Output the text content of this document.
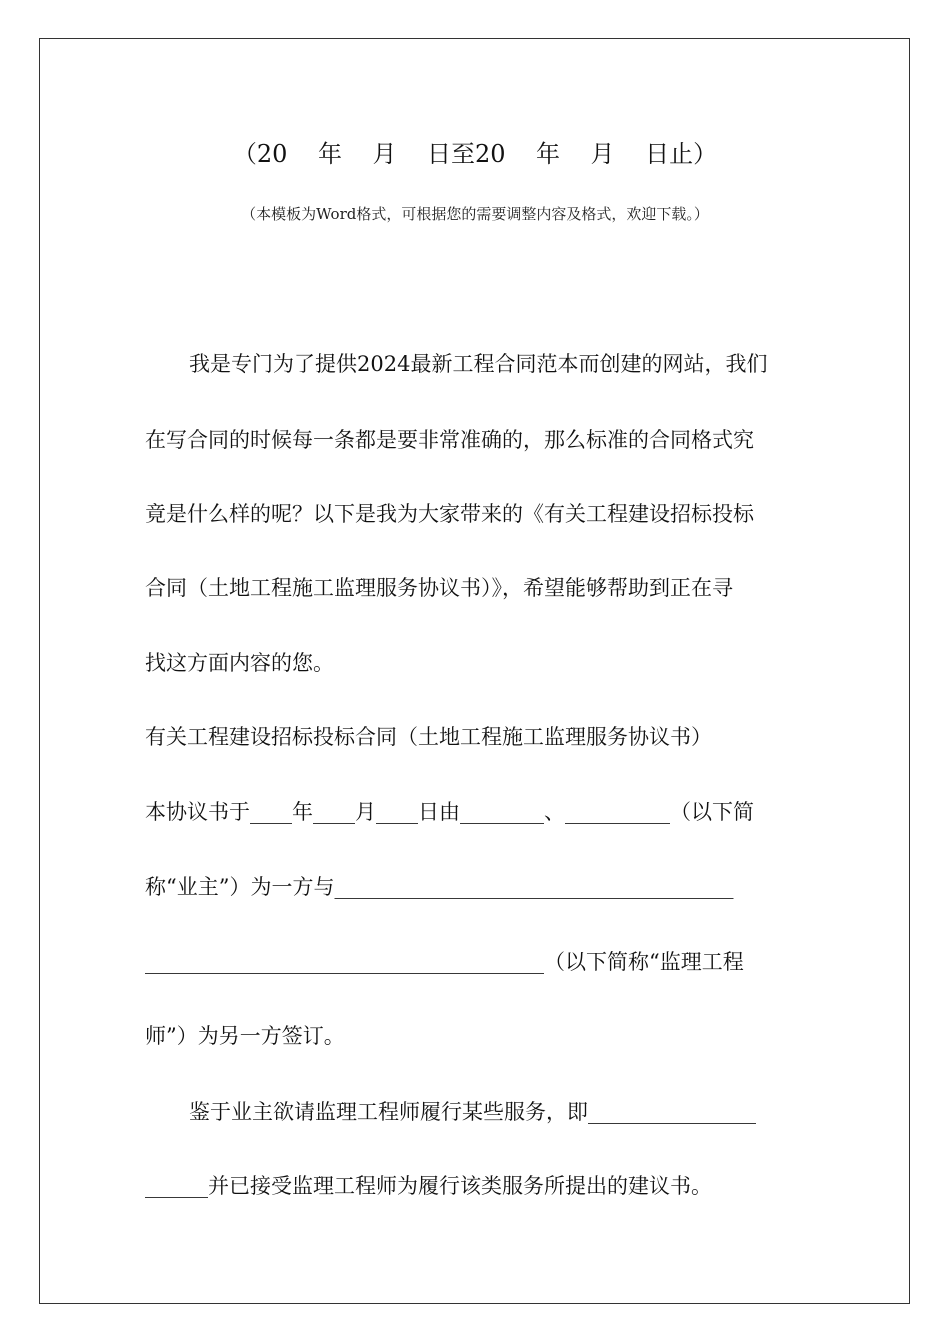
（20    年    月    日至20    年    月    日止）
（本模板为Word格式，可根据您的需要调整内容及格式，欢迎下载。）
我是专门为了提供2024最新工程合同范本而创建的网站，我们
在写合同的时候每一条都是要非常准确的，那么标准的合同格式究
竟是什么样的呢？以下是我为大家带来的《有关工程建设招标投标
合同（土地工程施工监理服务协议书）》，希望能够帮助到正在寻
找这方面内容的您。
有关工程建设招标投标合同（土地工程施工监理服务协议书）
本协议书于____年____月____日由________、__________（以下简
称“业主”）为一方与______________________________________
______________________________________（以下简称“监理工程
师”）为另一方签订。
鉴于业主欲请监理工程师履行某些服务，即________________
______并已接受监理工程师为履行该类服务所提出的建议书。
